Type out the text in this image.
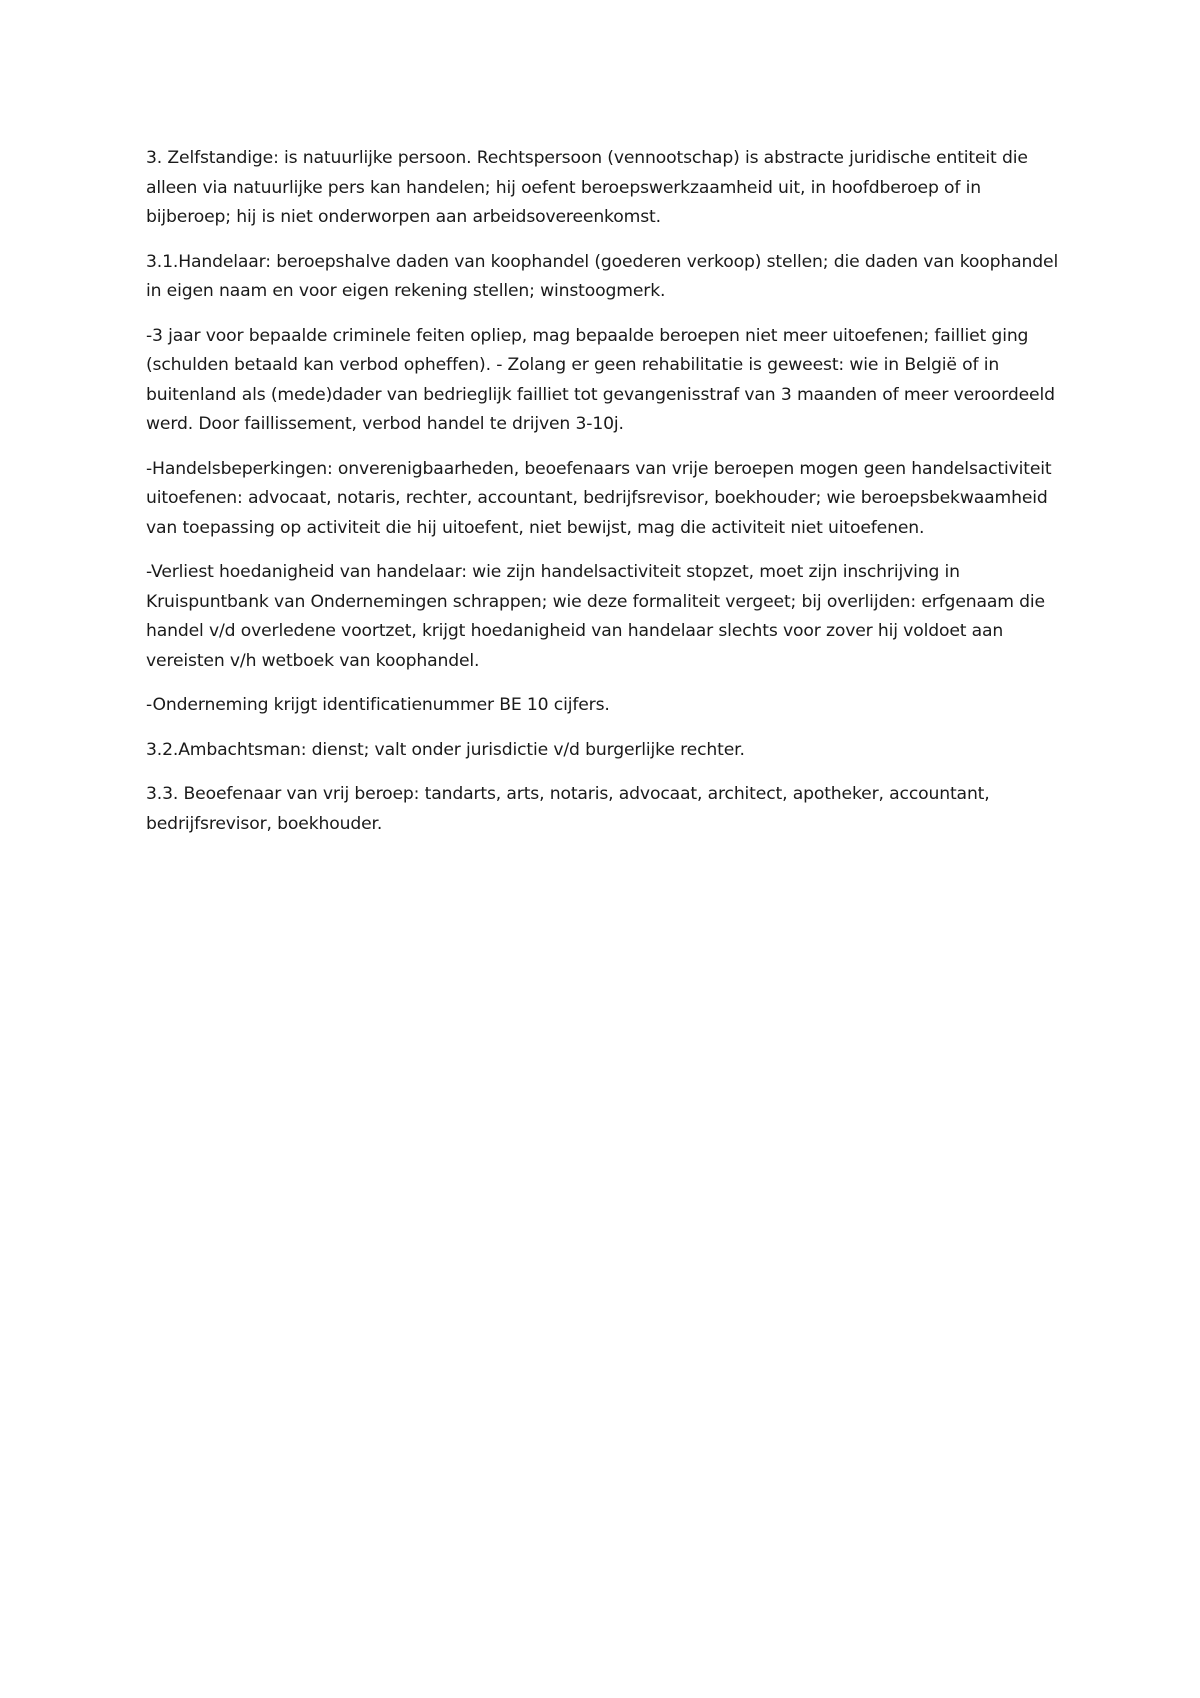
3. Zelfstandige: is natuurlijke persoon. Rechtspersoon (vennootschap) is abstracte juridische entiteit die alleen via natuurlijke pers kan handelen; hij oefent beroepswerkzaamheid uit, in hoofdberoep of in bijberoep; hij is niet onderworpen aan arbeidsovereenkomst.

3.1.Handelaar: beroepshalve daden van koophandel (goederen verkoop) stellen; die daden van koophandel in eigen naam en voor eigen rekening stellen; winstoogmerk.

-3 jaar voor bepaalde criminele feiten opliep, mag bepaalde beroepen niet meer uitoefenen; failliet ging (schulden betaald kan verbod opheffen). - Zolang er geen rehabilitatie is geweest: wie in België of in buitenland als (mede)dader van bedrieglijk failliet tot gevangenisstraf van 3 maanden of meer veroordeeld werd. Door faillissement, verbod handel te drijven 3-10j.

-Handelsbeperkingen: onverenigbaarheden, beoefenaars van vrije beroepen mogen geen handelsactiviteit uitoefenen: advocaat, notaris, rechter, accountant, bedrijfsrevisor, boekhouder; wie beroepsbekwaamheid van toepassing op activiteit die hij uitoefent, niet bewijst, mag die activiteit niet uitoefenen.

-Verliest hoedanigheid van handelaar: wie zijn handelsactiviteit stopzet, moet zijn inschrijving in Kruispuntbank van Ondernemingen schrappen; wie deze formaliteit vergeet; bij overlijden: erfgenaam die handel v/d overledene voortzet, krijgt hoedanigheid van handelaar slechts voor zover hij voldoet aan vereisten v/h wetboek van koophandel.

-Onderneming krijgt identificatienummer BE 10 cijfers.

3.2.Ambachtsman: dienst; valt onder jurisdictie v/d burgerlijke rechter.

3.3. Beoefenaar van vrij beroep: tandarts, arts, notaris, advocaat, architect, apotheker, accountant, bedrijfsrevisor, boekhouder.
